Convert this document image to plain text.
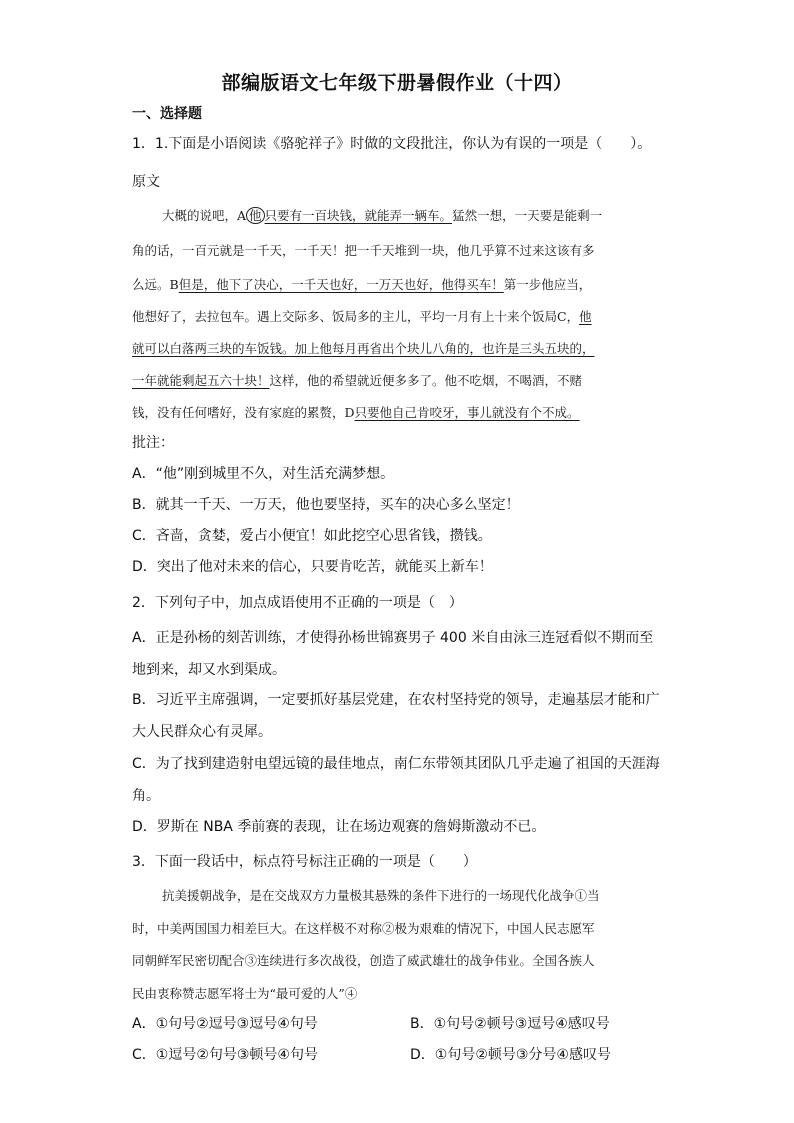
部编版语文七年级下册暑假作业（十四）
一、选择题
1．1.下面是小语阅读《骆驼祥子》时做的文段批注，你认为有误的一项是（　　）。
原文
大概的说吧，A 他 只要有一百块钱，就能弄一辆车。猛然一想，一天要是能剩一
角的话，一百元就是一千天，一千天！把一千天堆到一块，他几乎算不过来这该有多
么远。B但是，他下了决心，一千天也好，一万天也好，他得买车！第一步他应当，
他想好了，去拉包车。遇上交际多、饭局多的主儿，平均一月有上十来个饭局C，他
就可以白落两三块的车饭钱。加上他每月再省出个块儿八角的，也许是三头五块的，
一年就能剩起五六十块！这样，他的希望就近便多多了。他不吃烟，不喝酒，不赌
钱，没有任何嗜好，没有家庭的累赘，D只要他自己肯咬牙，事儿就没有个不成。
批注：
A．“他”刚到城里不久，对生活充满梦想。
B．就其一千天、一万天，他也要坚持，买车的决心多么坚定！
C．吝啬，贪婪，爱占小便宜！如此挖空心思省钱，攒钱。
D．突出了他对未来的信心，只要肯吃苦，就能买上新车！
2．下列句子中，加点成语使用不正确的一项是（　）
A．正是孙杨的刻苦训练，才使得孙杨世锦赛男子 400 米自由泳三连冠看似不期而至
地到来，却又水到渠成。
B．习近平主席强调，一定要抓好基层党建，在农村坚持党的领导，走遍基层才能和广
大人民群众心有灵犀。
C．为了找到建造射电望远镜的最佳地点，南仁东带领其团队几乎走遍了祖国的天涯海
角。
D．罗斯在 NBA 季前赛的表现，让在场边观赛的詹姆斯激动不已。
3．下面一段话中，标点符号标注正确的一项是（　　）
抗美援朝战争，是在交战双方力量极其悬殊的条件下进行的一场现代化战争①当
时，中美两国国力相差巨大。在这样极不对称②极为艰难的情况下，中国人民志愿军
同朝鲜军民密切配合③连续进行多次战役，创造了威武雄壮的战争伟业。全国各族人
民由衷称赞志愿军将士为“最可爱的人”④
A．①句号②逗号③逗号④句号	B．①句号②顿号③逗号④感叹号
C．①逗号②句号③顿号④句号	D．①句号②顿号③分号④感叹号
